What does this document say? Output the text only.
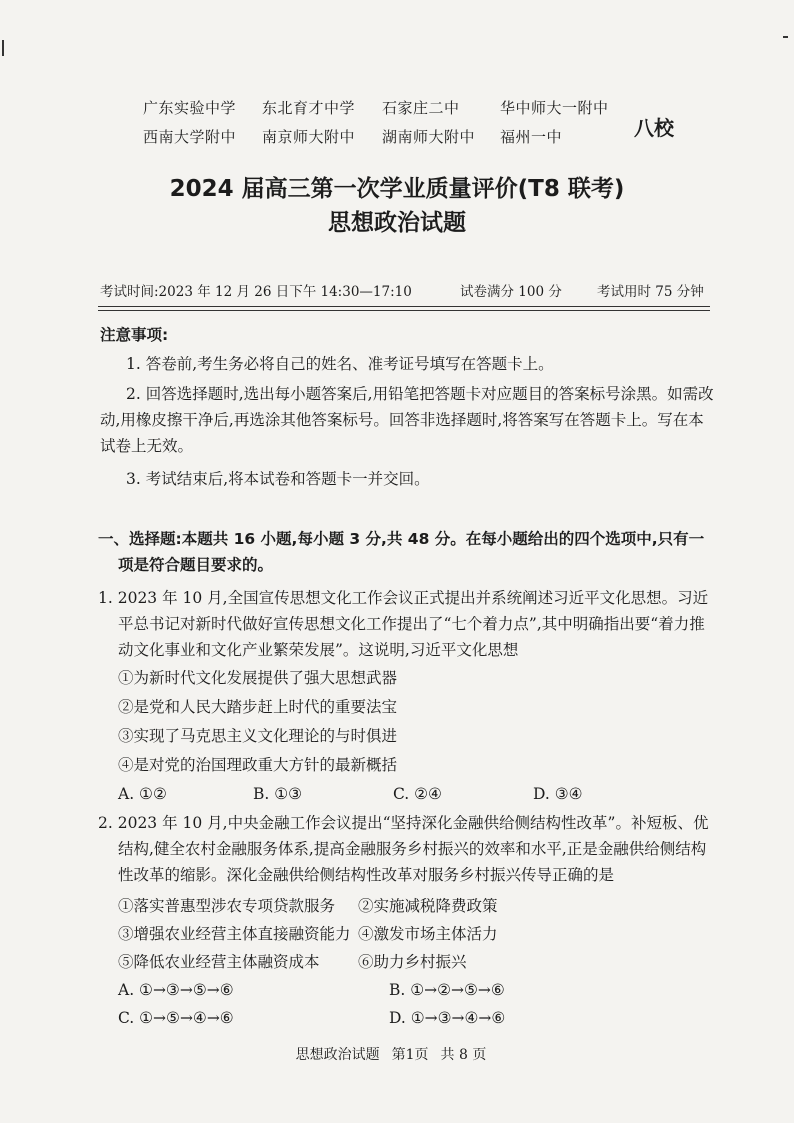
广东实验中学 东北育才中学 石家庄二中	华中师大一附中
西南大学附中 南京师大附中 湖南师大附中 福州一中	八校
2024 届高三第一次学业质量评价(T8 联考)
思想政治试题
考试时间:2023 年 12 月 26 日下午 14:30—17:10	试卷满分 100 分	考试用时 75 分钟
注意事项:
1. 答卷前,考生务必将自己的姓名、准考证号填写在答题卡上。
2. 回答选择题时,选出每小题答案后,用铅笔把答题卡对应题目的答案标号涂黑。如需改动,用橡皮擦干净后,再选涂其他答案标号。回答非选择题时,将答案写在答题卡上。写在本试卷上无效。
3. 考试结束后,将本试卷和答题卡一并交回。
一、选择题:本题共 16 小题,每小题 3 分,共 48 分。在每小题给出的四个选项中,只有一项是符合题目要求的。
1. 2023 年 10 月,全国宣传思想文化工作会议正式提出并系统阐述习近平文化思想。习近平总书记对新时代做好宣传思想文化工作提出了“七个着力点”,其中明确指出要“着力推动文化事业和文化产业繁荣发展”。这说明,习近平文化思想
①为新时代文化发展提供了强大思想武器
②是党和人民大踏步赶上时代的重要法宝
③实现了马克思主义文化理论的与时俱进
④是对党的治国理政重大方针的最新概括
A. ①②	B. ①③	C. ②④	D. ③④
2. 2023 年 10 月,中央金融工作会议提出“坚持深化金融供给侧结构性改革”。补短板、优结构,健全农村金融服务体系,提高金融服务乡村振兴的效率和水平,正是金融供给侧结构性改革的缩影。深化金融供给侧结构性改革对服务乡村振兴传导正确的是
①落实普惠型涉农专项贷款服务 ②实施减税降费政策
③增强农业经营主体直接融资能力 ④激发市场主体活力
⑤降低农业经营主体融资成本 ⑥助力乡村振兴
A. ①→③→⑤→⑥	B. ①→②→⑤→⑥
C. ①→⑤→④→⑥	D. ①→③→④→⑥
思想政治试题 第1页 共 8 页
